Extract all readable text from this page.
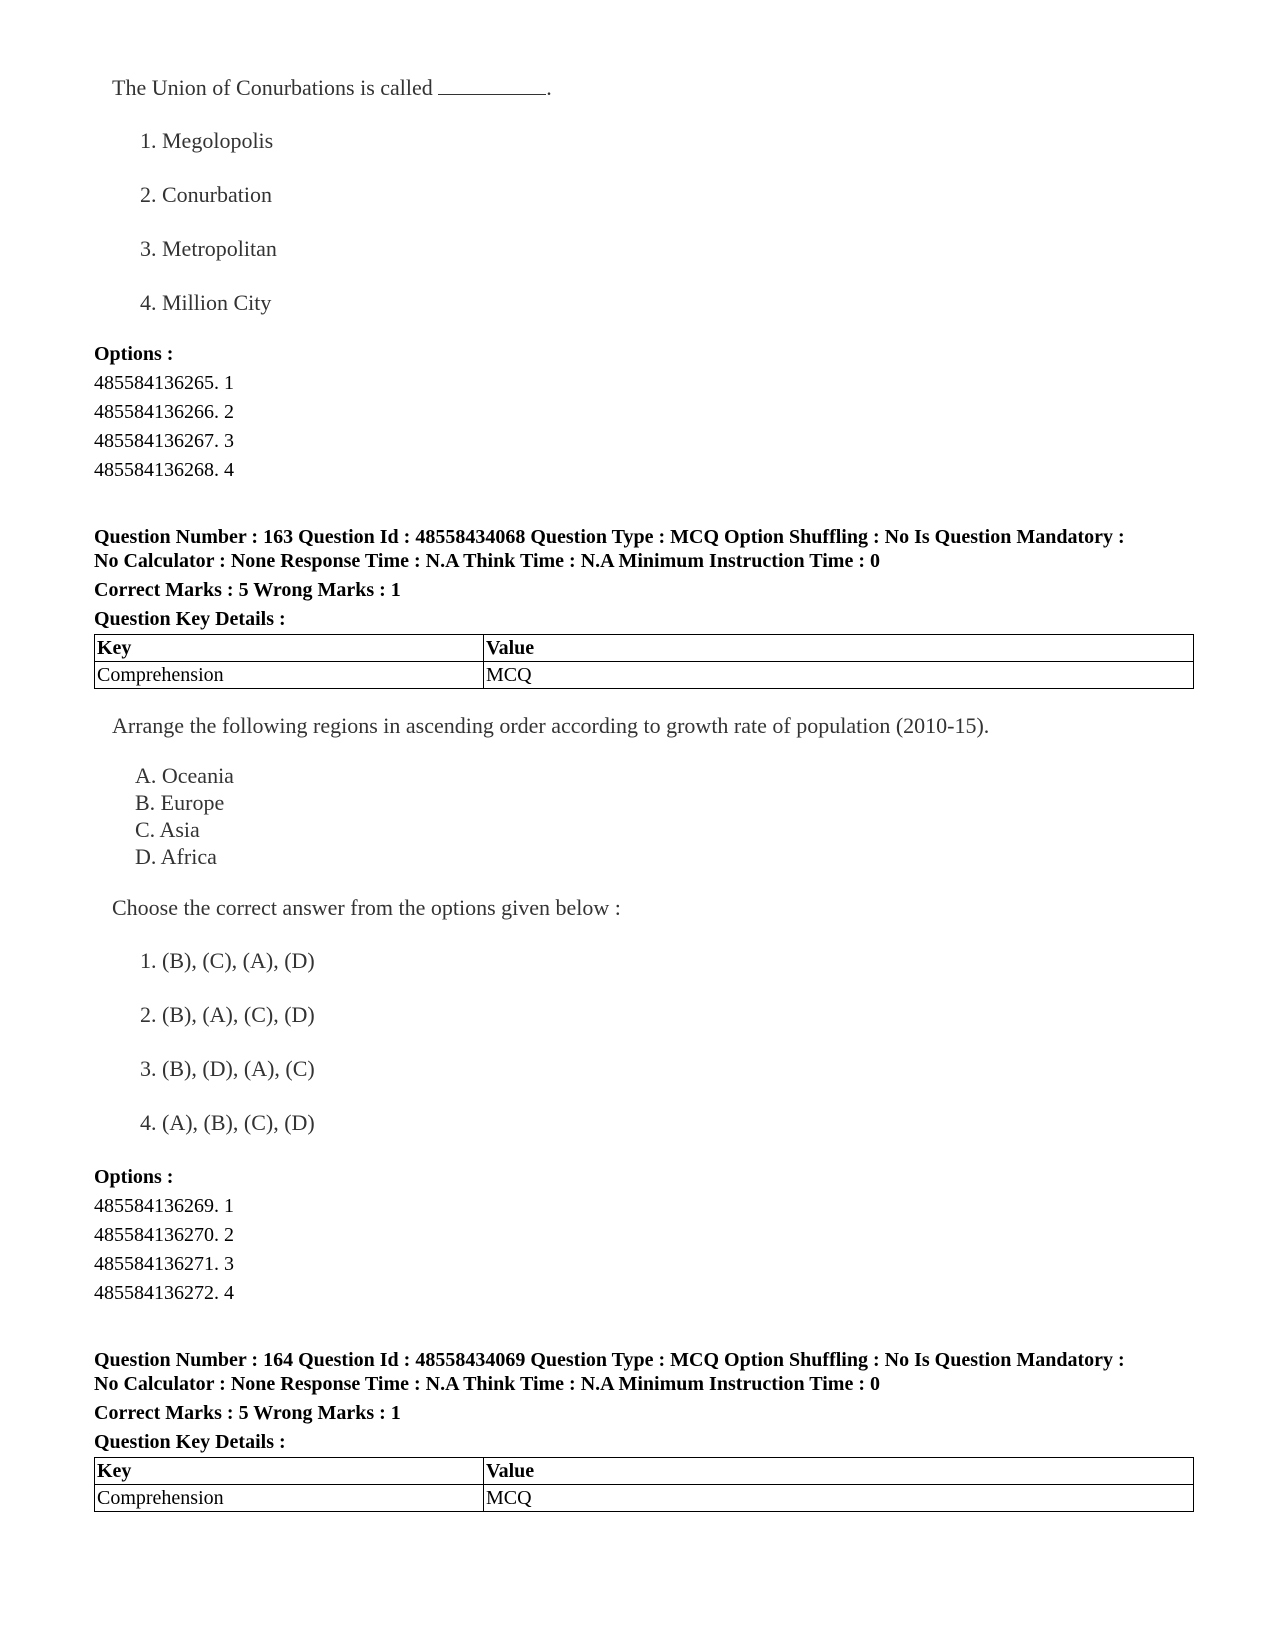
The Union of Conurbations is called	.
1. Megolopolis
2. Conurbation
3. Metropolitan
4. Million City
Options :
485584136265. 1
485584136266. 2
485584136267. 3
485584136268. 4
Question Number : 163 Question Id : 48558434068 Question Type : MCQ Option Shuffling : No Is Question Mandatory :
No Calculator : None Response Time : N.A Think Time : N.A Minimum Instruction Time : 0
Correct Marks : 5 Wrong Marks : 1
Question Key Details :
Key	Value
Comprehension	MCQ
Arrange the following regions in ascending order according to growth rate of population (2010-15).
A. Oceania
B. Europe
C. Asia
D. Africa
Choose the correct answer from the options given below :
1. (B), (C), (A), (D)
2. (B), (A), (C), (D)
3. (B), (D), (A), (C)
4. (A), (B), (C), (D)
Options :
485584136269. 1
485584136270. 2
485584136271. 3
485584136272. 4
Question Number : 164 Question Id : 48558434069 Question Type : MCQ Option Shuffling : No Is Question Mandatory :
No Calculator : None Response Time : N.A Think Time : N.A Minimum Instruction Time : 0
Correct Marks : 5 Wrong Marks : 1
Question Key Details :
Key	Value
Comprehension	MCQ
